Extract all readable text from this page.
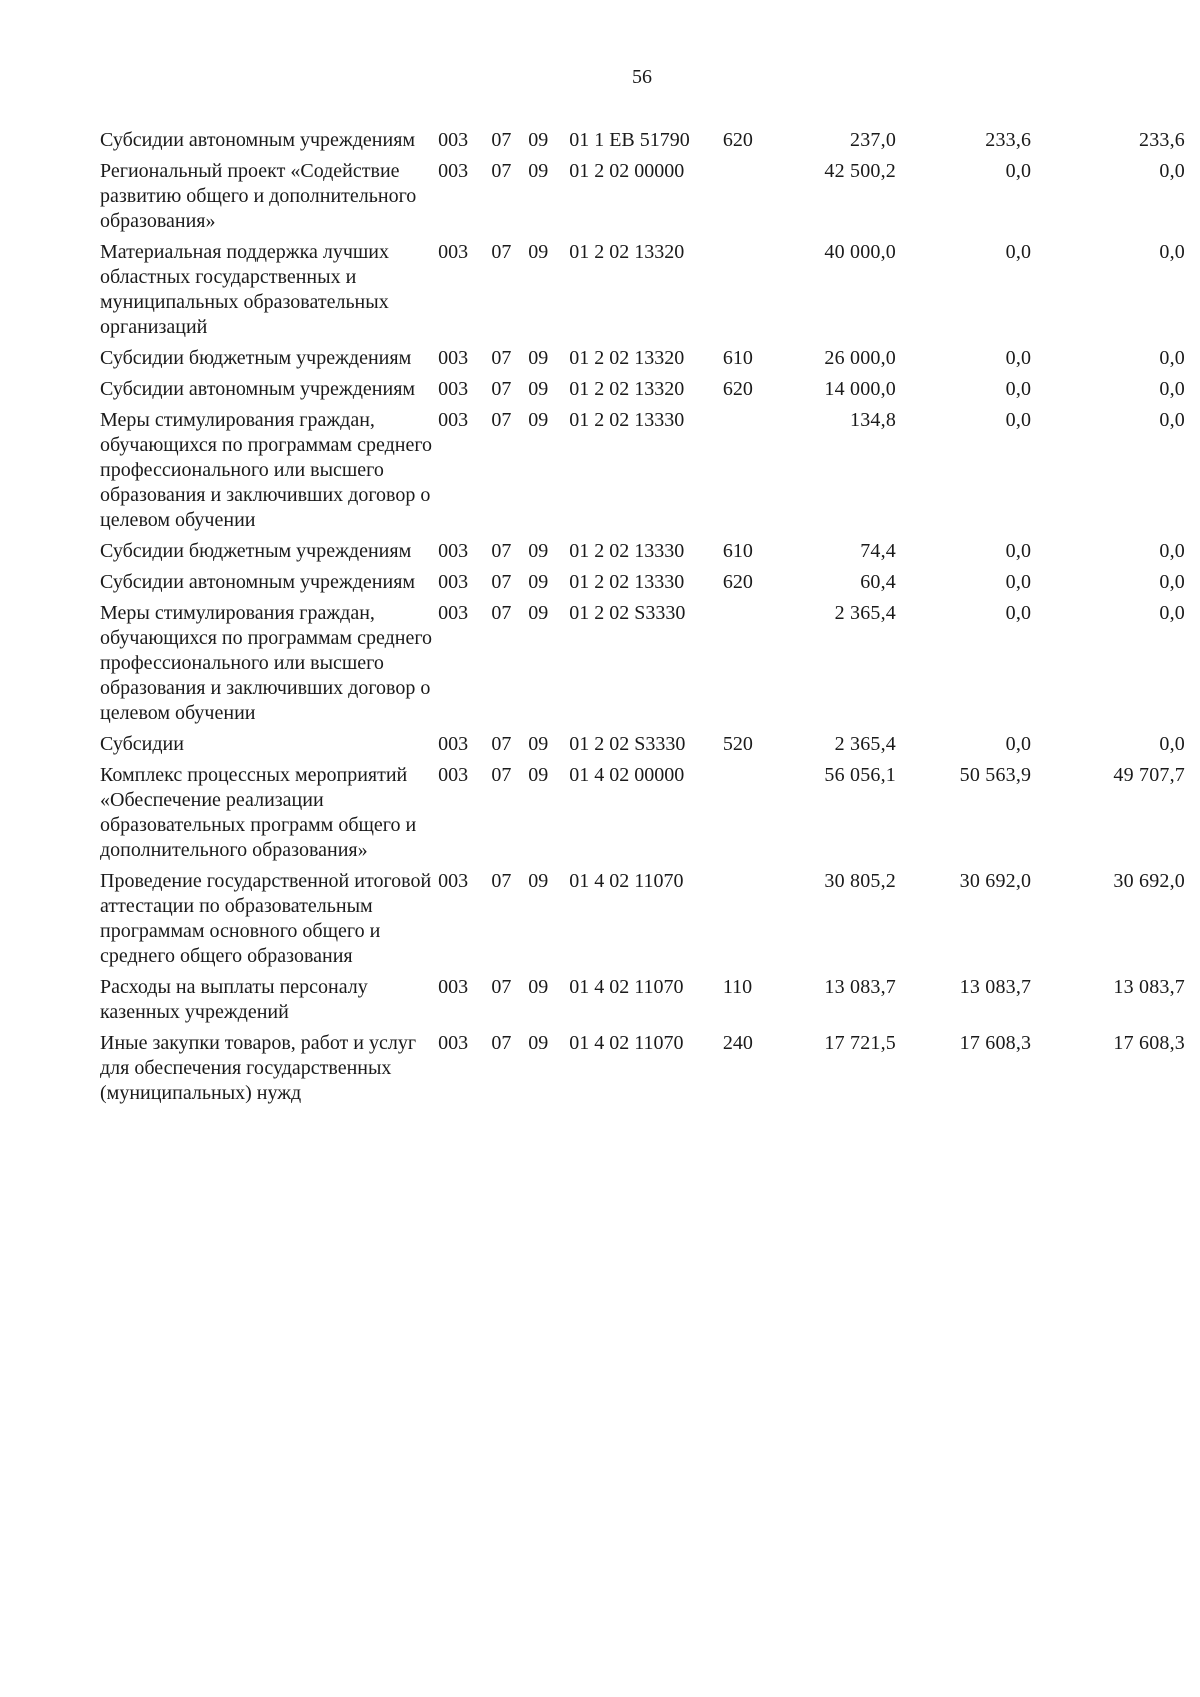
56
Субсидии автономным учреждениям	003	07	09	01 1 ЕВ 51790	620	237,0	233,6	233,6
Региональный проект «Содействие развитию общего и дополнительного образования»	003	07	09	01 2 02 00000		42 500,2	0,0	0,0
Материальная поддержка лучших областных государственных и муниципальных образовательных организаций	003	07	09	01 2 02 13320		40 000,0	0,0	0,0
Субсидии бюджетным учреждениям	003	07	09	01 2 02 13320	610	26 000,0	0,0	0,0
Субсидии автономным учреждениям	003	07	09	01 2 02 13320	620	14 000,0	0,0	0,0
Меры стимулирования граждан, обучающихся по программам среднего профессионального или высшего образования и заключивших договор о целевом обучении	003	07	09	01 2 02 13330		134,8	0,0	0,0
Субсидии бюджетным учреждениям	003	07	09	01 2 02 13330	610	74,4	0,0	0,0
Субсидии автономным учреждениям	003	07	09	01 2 02 13330	620	60,4	0,0	0,0
Меры стимулирования граждан, обучающихся по программам среднего профессионального или высшего образования и заключивших договор о целевом обучении	003	07	09	01 2 02 S3330		2 365,4	0,0	0,0
Субсидии	003	07	09	01 2 02 S3330	520	2 365,4	0,0	0,0
Комплекс процессных мероприятий «Обеспечение реализации образовательных программ общего и дополнительного образования»	003	07	09	01 4 02 00000		56 056,1	50 563,9	49 707,7
Проведение государственной итоговой аттестации по образовательным программам основного общего и среднего общего образования	003	07	09	01 4 02 11070		30 805,2	30 692,0	30 692,0
Расходы на выплаты персоналу казенных учреждений	003	07	09	01 4 02 11070	110	13 083,7	13 083,7	13 083,7
Иные закупки товаров, работ и услуг для обеспечения государственных (муниципальных) нужд	003	07	09	01 4 02 11070	240	17 721,5	17 608,3	17 608,3
